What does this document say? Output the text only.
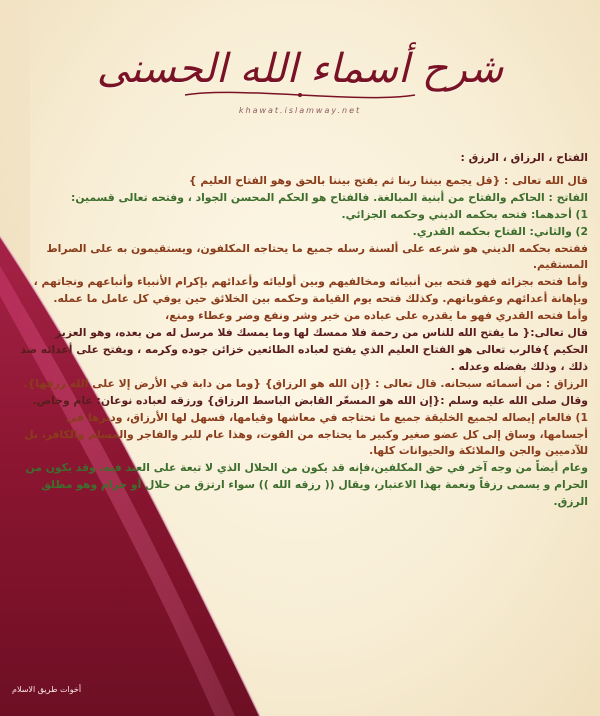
شرح أسماء الله الحسنى
khawat.islamway.net

الفتاح ، الرزاق ، الرزق :

قال الله تعالى : {قل يجمع بيننا ربنا ثم يفتح بيننا بالحق وهو الفتاح العليم }

الفاتح : الحاكم والفتاح من أبنية المبالغة. فالفتاح هو الحكم المحسن الجواد ، وفتحه تعالى قسمين:

1) أحدهما: فتحه بحكمه الديني وحكمه الجزائي.

2) والثاني: الفتاح بحكمه القدري.

ففتحه بحكمه الديني هو شرعه على ألسنة رسله جميع ما يحتاجه المكلفون، ويستقيمون به على الصراط المستقيم.

وأما فتحه بجزائه فهو فتحه بين أنبيائه ومخالفيهم وبين أوليائه وأعدائهم بإكرام الأنبياء وأتباعهم ونجاتهم ، وبإهانة أعدائهم وعقوباتهم. وكذلك فتحه يوم القيامة وحكمه بين الخلائق حين يوفي كل عامل ما عمله.

وأما فتحه القدري فهو ما يقدره على عباده من خير وشر ونفع وضر وعطاء ومنع،

قال تعالى:{ ما يفتح الله للناس من رحمة فلا ممسك لها وما يمسك فلا مرسل له من بعده، وهو العزيز الحكيم }فالرب تعالى هو الفتاح العليم الذي يفتح لعباده الطائعين خزائن جوده وكرمه ، ويفتح على أعدائه ضد ذلك ، وذلك بفضله وعدله .

الرزاق : من أسمائه سبحانه. قال تعالى : {إن الله هو الرزاق} {وما من دابة في الأرض إلا على الله رزقها}.

وقال صلى الله عليه وسلم :{إن الله هو المسعّر القابض الباسط الرزاق} ورزقه لعباده نوعان: عام وخاص.

1) فالعام إيصاله لجميع الخليقة جميع ما تحتاجه في معاشها وقيامها، فسهل لها الأرزاق، ودبرها في أجسامها، وساق إلى كل عضو صغير وكبير ما يحتاجه من القوت، وهذا عام للبر والفاجر والمسلم والكافر، بل للآدميين والجن والملائكة والحيوانات كلها.

وعام أيضاً من وجه آخر في حق المكلفين،فإنه قد يكون من الحلال الذي لا تبعة على العبد فيه، وقد يكون من الحرام و يسمى رزقاً ونعمة بهذا الاعتبار، ويقال (( رزقه الله )) سواء ارتزق من حلال أو حرام وهو مطلق الرزق.

أخوات طريق الاسلام
